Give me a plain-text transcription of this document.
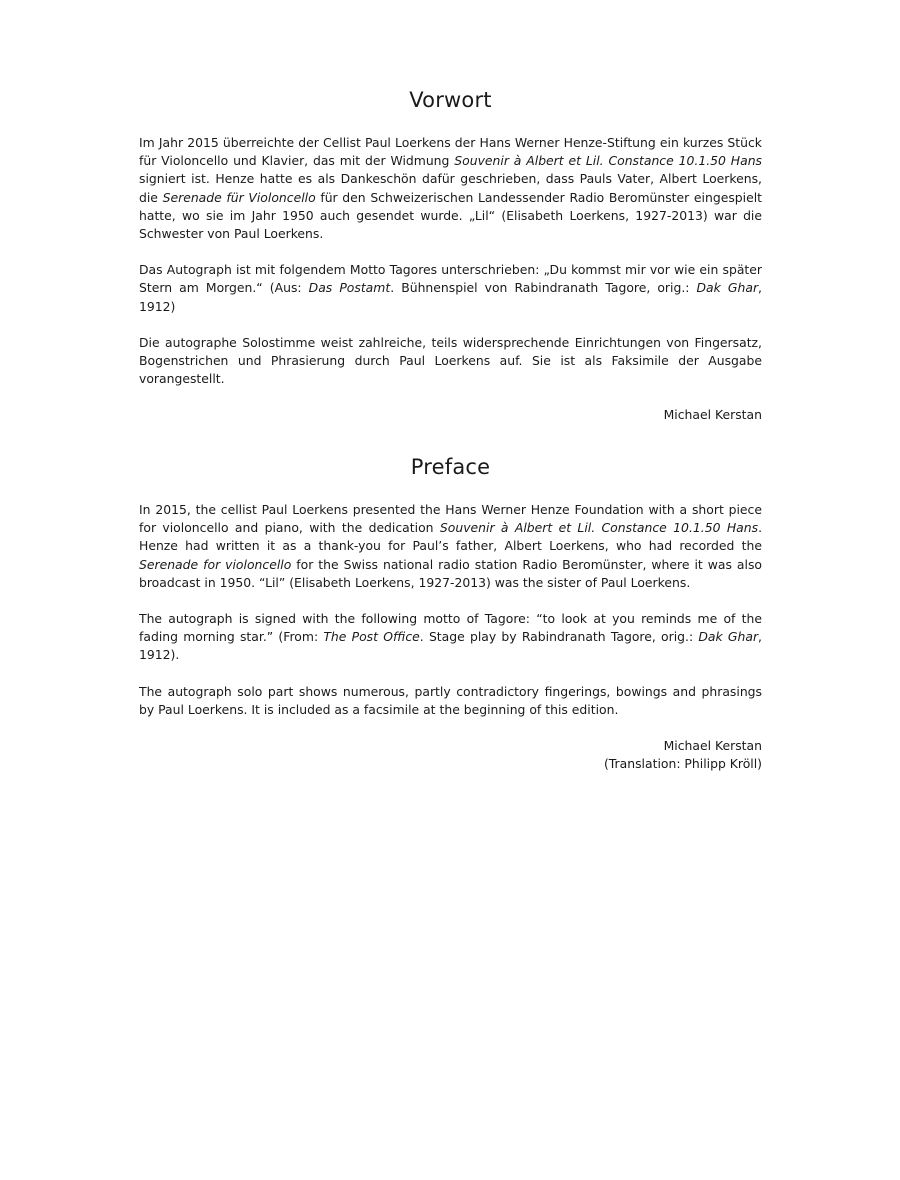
Vorwort

Im Jahr 2015 überreichte der Cellist Paul Loerkens der Hans Werner Henze-Stiftung ein kurzes Stück für Violoncello und Klavier, das mit der Widmung Souvenir à Albert et Lil. Constance 10.1.50 Hans signiert ist. Henze hatte es als Dankeschön dafür geschrieben, dass Pauls Vater, Albert Loerkens, die Serenade für Violoncello für den Schweizerischen Landessender Radio Beromünster eingespielt hatte, wo sie im Jahr 1950 auch gesendet wurde. „Lil“ (Elisabeth Loerkens, 1927-2013) war die Schwester von Paul Loerkens.

Das Autograph ist mit folgendem Motto Tagores unterschrieben: „Du kommst mir vor wie ein später Stern am Morgen.“ (Aus: Das Postamt. Bühnenspiel von Rabindranath Tagore, orig.: Dak Ghar, 1912)

Die autographe Solostimme weist zahlreiche, teils widersprechende Einrichtungen von Fingersatz, Bogenstrichen und Phrasierung durch Paul Loerkens auf. Sie ist als Faksimile der Ausgabe vorangestellt.

Michael Kerstan

Preface

In 2015, the cellist Paul Loerkens presented the Hans Werner Henze Foundation with a short piece for violoncello and piano, with the dedication Souvenir à Albert et Lil. Constance 10.1.50 Hans. Henze had written it as a thank-you for Paul’s father, Albert Loerkens, who had recorded the Serenade for violoncello for the Swiss national radio station Radio Beromünster, where it was also broadcast in 1950. “Lil” (Elisabeth Loerkens, 1927-2013) was the sister of Paul Loerkens.

The autograph is signed with the following motto of Tagore: “to look at you reminds me of the fading morning star.” (From: The Post Office. Stage play by Rabindranath Tagore, orig.: Dak Ghar, 1912).

The autograph solo part shows numerous, partly contradictory fingerings, bowings and phrasings by Paul Loerkens. It is included as a facsimile at the beginning of this edition.

Michael Kerstan

(Translation: Philipp Kröll)
